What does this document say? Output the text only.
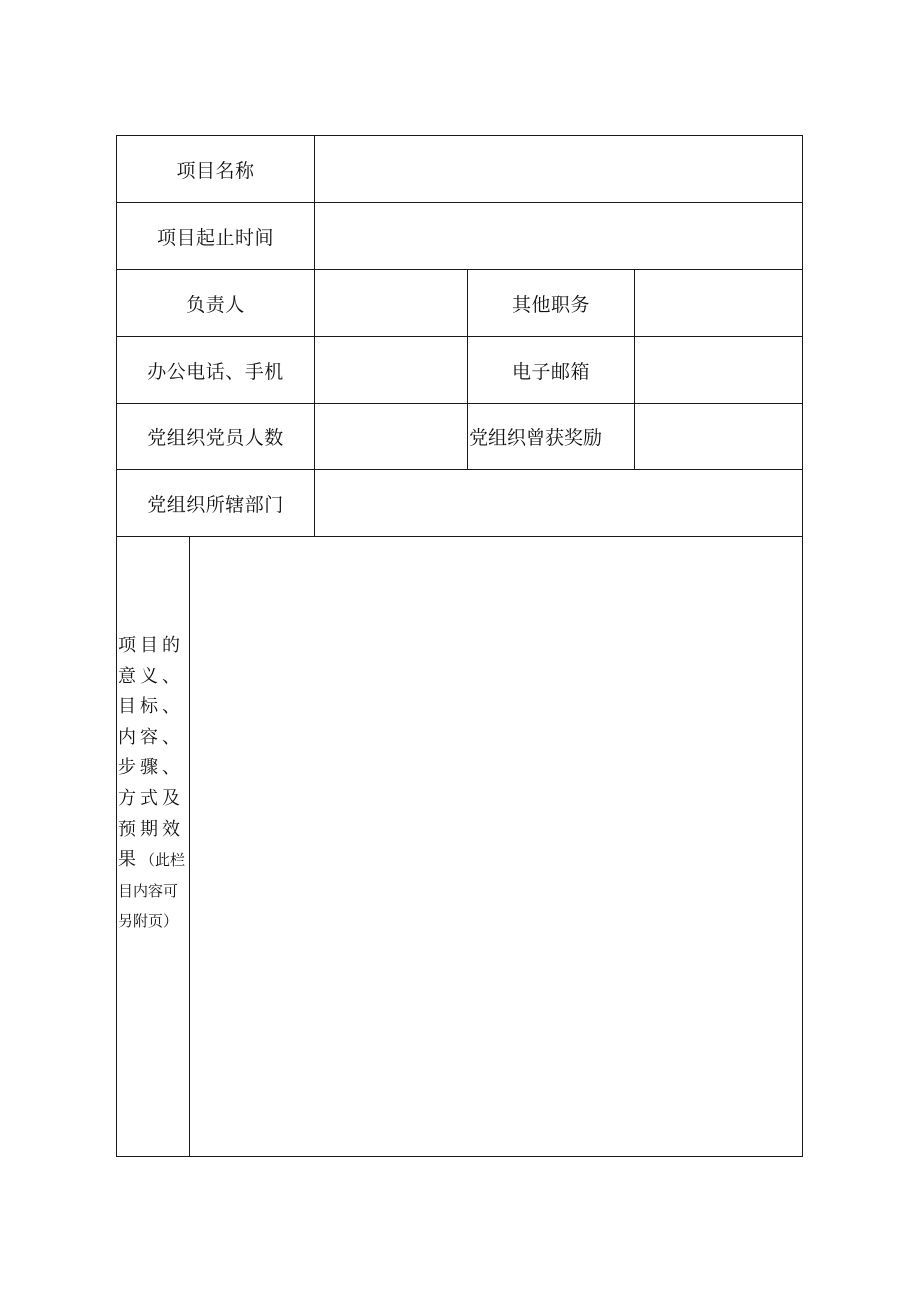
项目名称
项目起止时间
负责人	其他职务
办公电话、手机	电子邮箱
党组织党员人数	党组织曾获奖励
党组织所辖部门
项目的意义、目标、内容、步骤、方式及预期效果（此栏目内容可另附页）
